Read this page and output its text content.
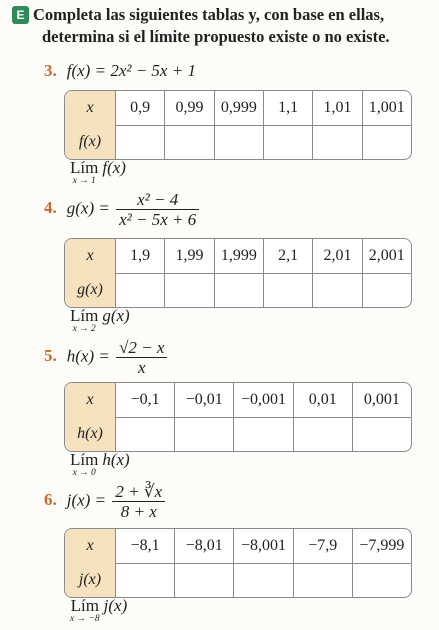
E Completa las siguientes tablas y, con base en ellas,
determina si el límite propuesto existe o no existe.
3. f(x) = 2x² − 5x + 1
x	0,9	0,99	0,999	1,1	1,01	1,001
f(x)
Lím
x → 1
f(x)
4. $g(x) = \frac{\text{x² − 4}}{\text{x² − 5x + 6}}$
x	1,9	1,99	1,999	2,1	2,01	2,001
g(x)
Lím
x → 2
g(x)
5. $h(x) = \frac{√2 - x}{x}$
x	−0,1	−0,01	−0,001	0,01	0,001
h(x)
Lím
x → 0
h(x)
6. $j(x) = \frac{2 + ∛x}{8 + x}$
x	−8,1	−8,01	−8,001	−7,9	−7,999
j(x)
Lím
x → −8
j(x)
